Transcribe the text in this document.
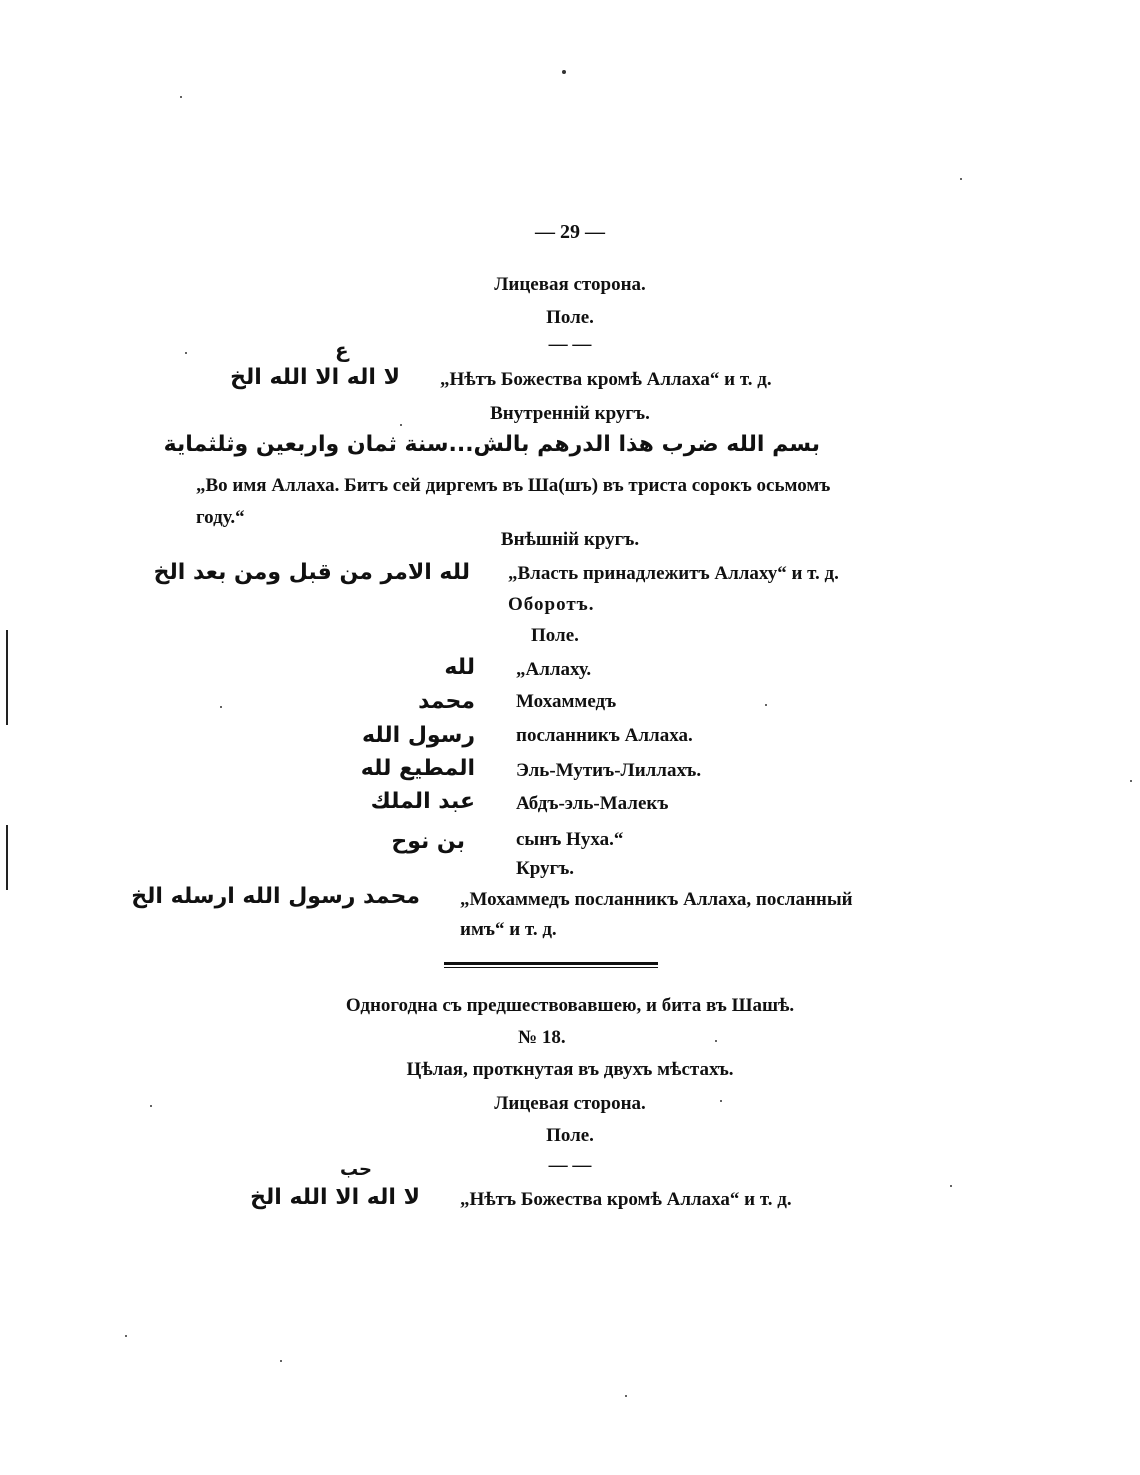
— 29 —
Лицевая сторона.
Поле.
— —
ع
لا اله الا الله الخ „Нѣтъ Божества кромѣ Аллаха“ и т. д.
Внутренній кругъ.
بسم الله ضرب هذا الدرهم بالش...سنة ثمان واربعين وثلثماية
„Во имя Аллаха. Битъ сей диргемъ въ Ша(шъ) въ триста сорокъ осьмомъ
году.“
Внѣшній кругъ.
لله الامر من قبل ومن بعد الخ „Власть принадлежитъ Аллаху“ и т. д.
Оборотъ.
Поле.
لله „Аллаху.
محمد Мохаммедъ
رسول الله посланникъ Аллаха.
المطيع لله Эль-Мутиъ-Лиллахъ.
عبد الملك Абдъ-эль-Малекъ
بن نوح	сынъ Нуха.“
Кругъ.
محمد رسول الله ارسله الخ „Мохаммедъ посланникъ Аллаха, посланный
имъ“ и т. д.
Одногодна съ предшествовавшею, и бита въ Шашѣ.
№ 18.
Цѣлая, проткнутая въ двухъ мѣстахъ.
Лицевая сторона.
Поле.
— —
حب
لا اله الا الله الخ „Нѣтъ Божества кромѣ Аллаха“ и т. д.
